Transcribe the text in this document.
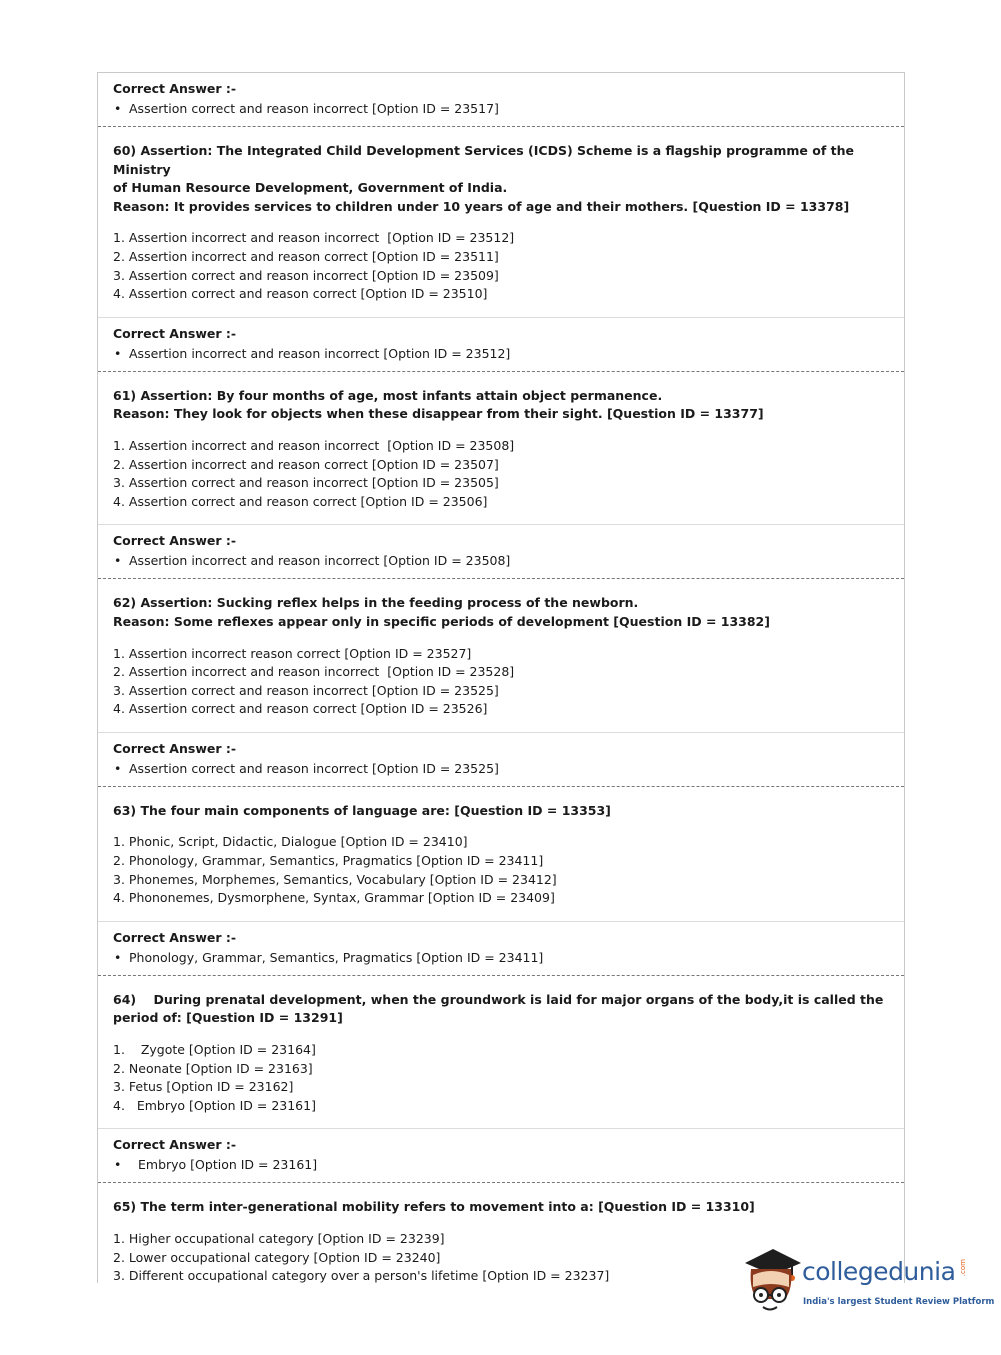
Correct Answer :-
• Assertion correct and reason incorrect [Option ID = 23517]
60) Assertion: The Integrated Child Development Services (ICDS) Scheme is a flagship programme of the Ministry
of Human Resource Development, Government of India.
Reason: It provides services to children under 10 years of age and their mothers. [Question ID = 13378]
1. Assertion incorrect and reason incorrect  [Option ID = 23512]
2. Assertion incorrect and reason correct [Option ID = 23511]
3. Assertion correct and reason incorrect [Option ID = 23509]
4. Assertion correct and reason correct [Option ID = 23510]
Correct Answer :-
• Assertion incorrect and reason incorrect [Option ID = 23512]
61) Assertion: By four months of age, most infants attain object permanence.
Reason: They look for objects when these disappear from their sight. [Question ID = 13377]
1. Assertion incorrect and reason incorrect  [Option ID = 23508]
2. Assertion incorrect and reason correct [Option ID = 23507]
3. Assertion correct and reason incorrect [Option ID = 23505]
4. Assertion correct and reason correct [Option ID = 23506]
Correct Answer :-
• Assertion incorrect and reason incorrect [Option ID = 23508]
62) Assertion: Sucking reflex helps in the feeding process of the newborn.
Reason: Some reflexes appear only in specific periods of development [Question ID = 13382]
1. Assertion incorrect reason correct [Option ID = 23527]
2. Assertion incorrect and reason incorrect  [Option ID = 23528]
3. Assertion correct and reason incorrect [Option ID = 23525]
4. Assertion correct and reason correct [Option ID = 23526]
Correct Answer :-
• Assertion correct and reason incorrect [Option ID = 23525]
63) The four main components of language are: [Question ID = 13353]
1. Phonic, Script, Didactic, Dialogue [Option ID = 23410]
2. Phonology, Grammar, Semantics, Pragmatics [Option ID = 23411]
3. Phonemes, Morphemes, Semantics, Vocabulary [Option ID = 23412]
4. Phononemes, Dysmorphene, Syntax, Grammar [Option ID = 23409]
Correct Answer :-
• Phonology, Grammar, Semantics, Pragmatics [Option ID = 23411]
64)    During prenatal development, when the groundwork is laid for major organs of the body,it is called the
period of: [Question ID = 13291]
1.    Zygote [Option ID = 23164]
2. Neonate [Option ID = 23163]
3. Fetus [Option ID = 23162]
4.   Embryo [Option ID = 23161]
Correct Answer :-
• Embryo [Option ID = 23161]
65) The term inter-generational mobility refers to movement into a: [Question ID = 13310]
1. Higher occupational category [Option ID = 23239]
2. Lower occupational category [Option ID = 23240]
3. Different occupational category over a person's lifetime [Option ID = 23237]	collegedunia .com
India's largest Student Review Platform
